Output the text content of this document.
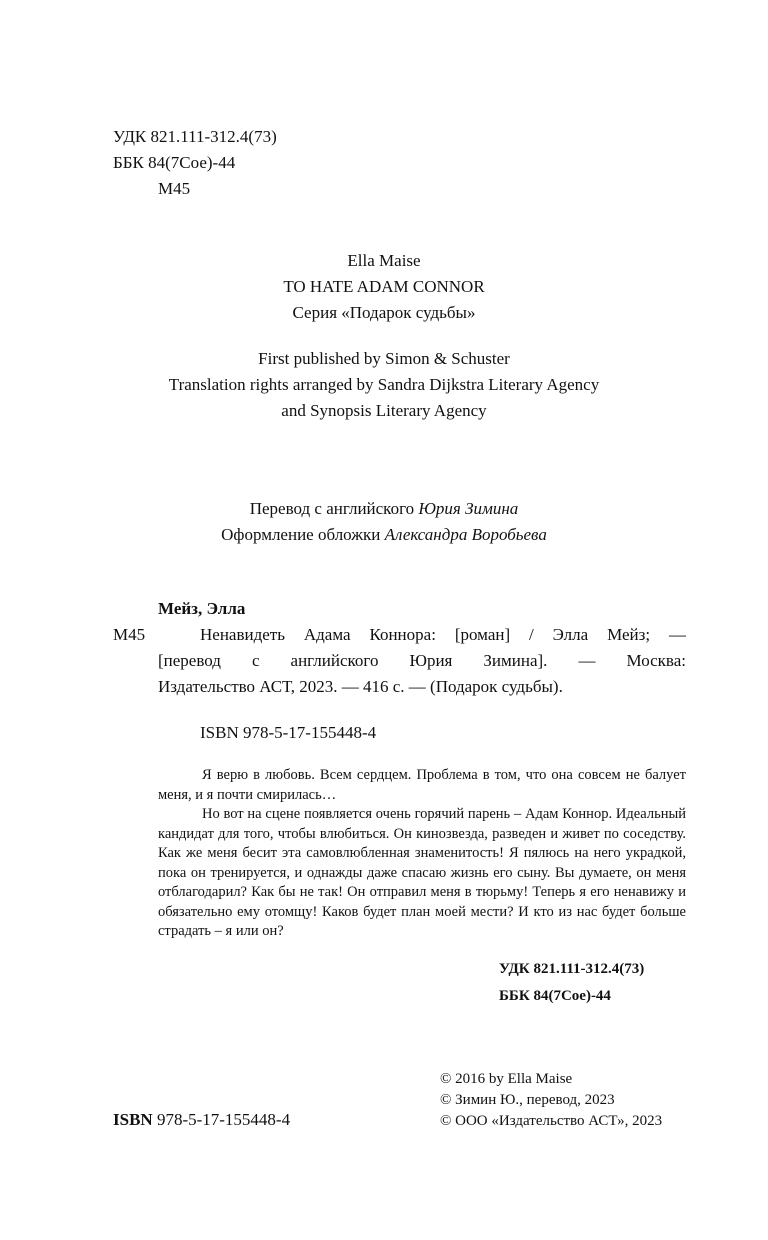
УДК 821.111-312.4(73)
ББК 84(7Сое)-44
М45
Ella Maise
TO HATE ADAM CONNOR
Серия «Подарок судьбы»
First published by Simon & Schuster
Translation rights arranged by Sandra Dijkstra Literary Agency
and Synopsis Literary Agency
Перевод с английского Юрия Зимина
Оформление обложки Александра Воробьева
Мейз, Элла
М45	Ненавидеть Адама Коннора: [роман] / Элла Мейз; —
[перевод с английского Юрия Зимина]. — Москва:
Издательство АСТ, 2023. — 416 с. — (Подарок судьбы).
ISBN 978-5-17-155448-4

Я верю в любовь. Всем сердцем. Проблема в том, что она совсем не балует меня, и я почти смирилась…

Но вот на сцене появляется очень горячий парень – Адам Коннор. Идеальный кандидат для того, чтобы влюбиться. Он кинозвезда, разведен и живет по соседству. Как же меня бесит эта самовлюбленная знаменитость! Я пялюсь на него украдкой, пока он тренируется, и однажды даже спасаю жизнь его сыну. Вы думаете, он меня отблагодарил? Как бы не так! Он отправил меня в тюрьму! Теперь я его ненавижу и обязательно ему отомщу! Каков будет план моей мести? И кто из нас будет больше страдать – я или он?

УДК 821.111-312.4(73)
ББК 84(7Сое)-44
© 2016 by Ella Maise
© Зимин Ю., перевод, 2023
© ООО «Издательство АСТ», 2023
ISBN 978-5-17-155448-4
